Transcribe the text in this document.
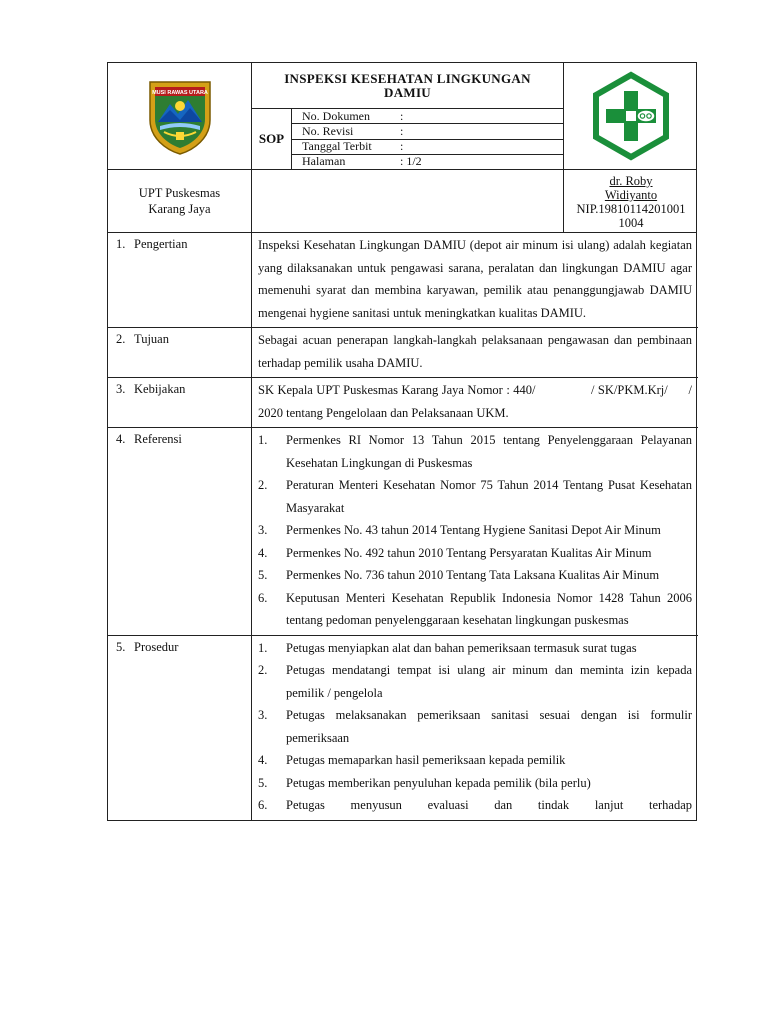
MUSI RAWAS UTARA
INSPEKSI KESEHATAN LINGKUNGAN DAMIU
SOP
No. Dokumen	:
No. Revisi	:
Tanggal Terbit	:
Halaman	: 1/2
UPT Puskesmas
Karang Jaya
dr. Roby
Widiyanto
NIP.19810114201001
1004
1. Pengertian	Inspeksi Kesehatan Lingkungan DAMIU (depot air minum isi ulang) adalah kegiatan yang dilaksanakan untuk pengawasi sarana, peralatan dan lingkungan DAMIU agar memenuhi syarat dan membina karyawan, pemilik atau penanggungjawab DAMIU mengenai hygiene sanitasi untuk meningkatkan kualitas DAMIU.
2. Tujuan	Sebagai acuan penerapan langkah-langkah pelaksanaan pengawasan dan pembinaan terhadap pemilik usaha DAMIU.
3. Kebijakan	SK Kepala UPT Puskesmas Karang Jaya Nomor : 440/                / SK/PKM.Krj/      / 2020 tentang Pengelolaan dan Pelaksanaan UKM.
4. Referensi	1.	Permenkes RI Nomor 13 Tahun 2015 tentang Penyelenggaraan Pelayanan Kesehatan Lingkungan di Puskesmas
2.	Peraturan Menteri Kesehatan Nomor 75 Tahun 2014 Tentang Pusat Kesehatan Masyarakat
3.	Permenkes No. 43 tahun 2014 Tentang Hygiene Sanitasi Depot Air Minum
4.	Permenkes No. 492 tahun 2010 Tentang Persyaratan Kualitas Air Minum
5.	Permenkes No. 736 tahun 2010 Tentang Tata Laksana Kualitas Air Minum
6.	Keputusan Menteri Kesehatan Republik Indonesia Nomor 1428 Tahun 2006 tentang pedoman penyelenggaraan kesehatan lingkungan puskesmas
5. Prosedur	1.	Petugas menyiapkan alat dan bahan pemeriksaan termasuk surat tugas
2.	Petugas mendatangi tempat isi ulang air minum dan meminta izin kepada pemilik / pengelola
3.	Petugas melaksanakan pemeriksaan sanitasi sesuai dengan isi formulir pemeriksaan
4.	Petugas memaparkan hasil pemeriksaan kepada pemilik
5.	Petugas memberikan penyuluhan kepada pemilik (bila perlu)
6.	Petugas menyusun evaluasi dan tindak lanjut terhadap
